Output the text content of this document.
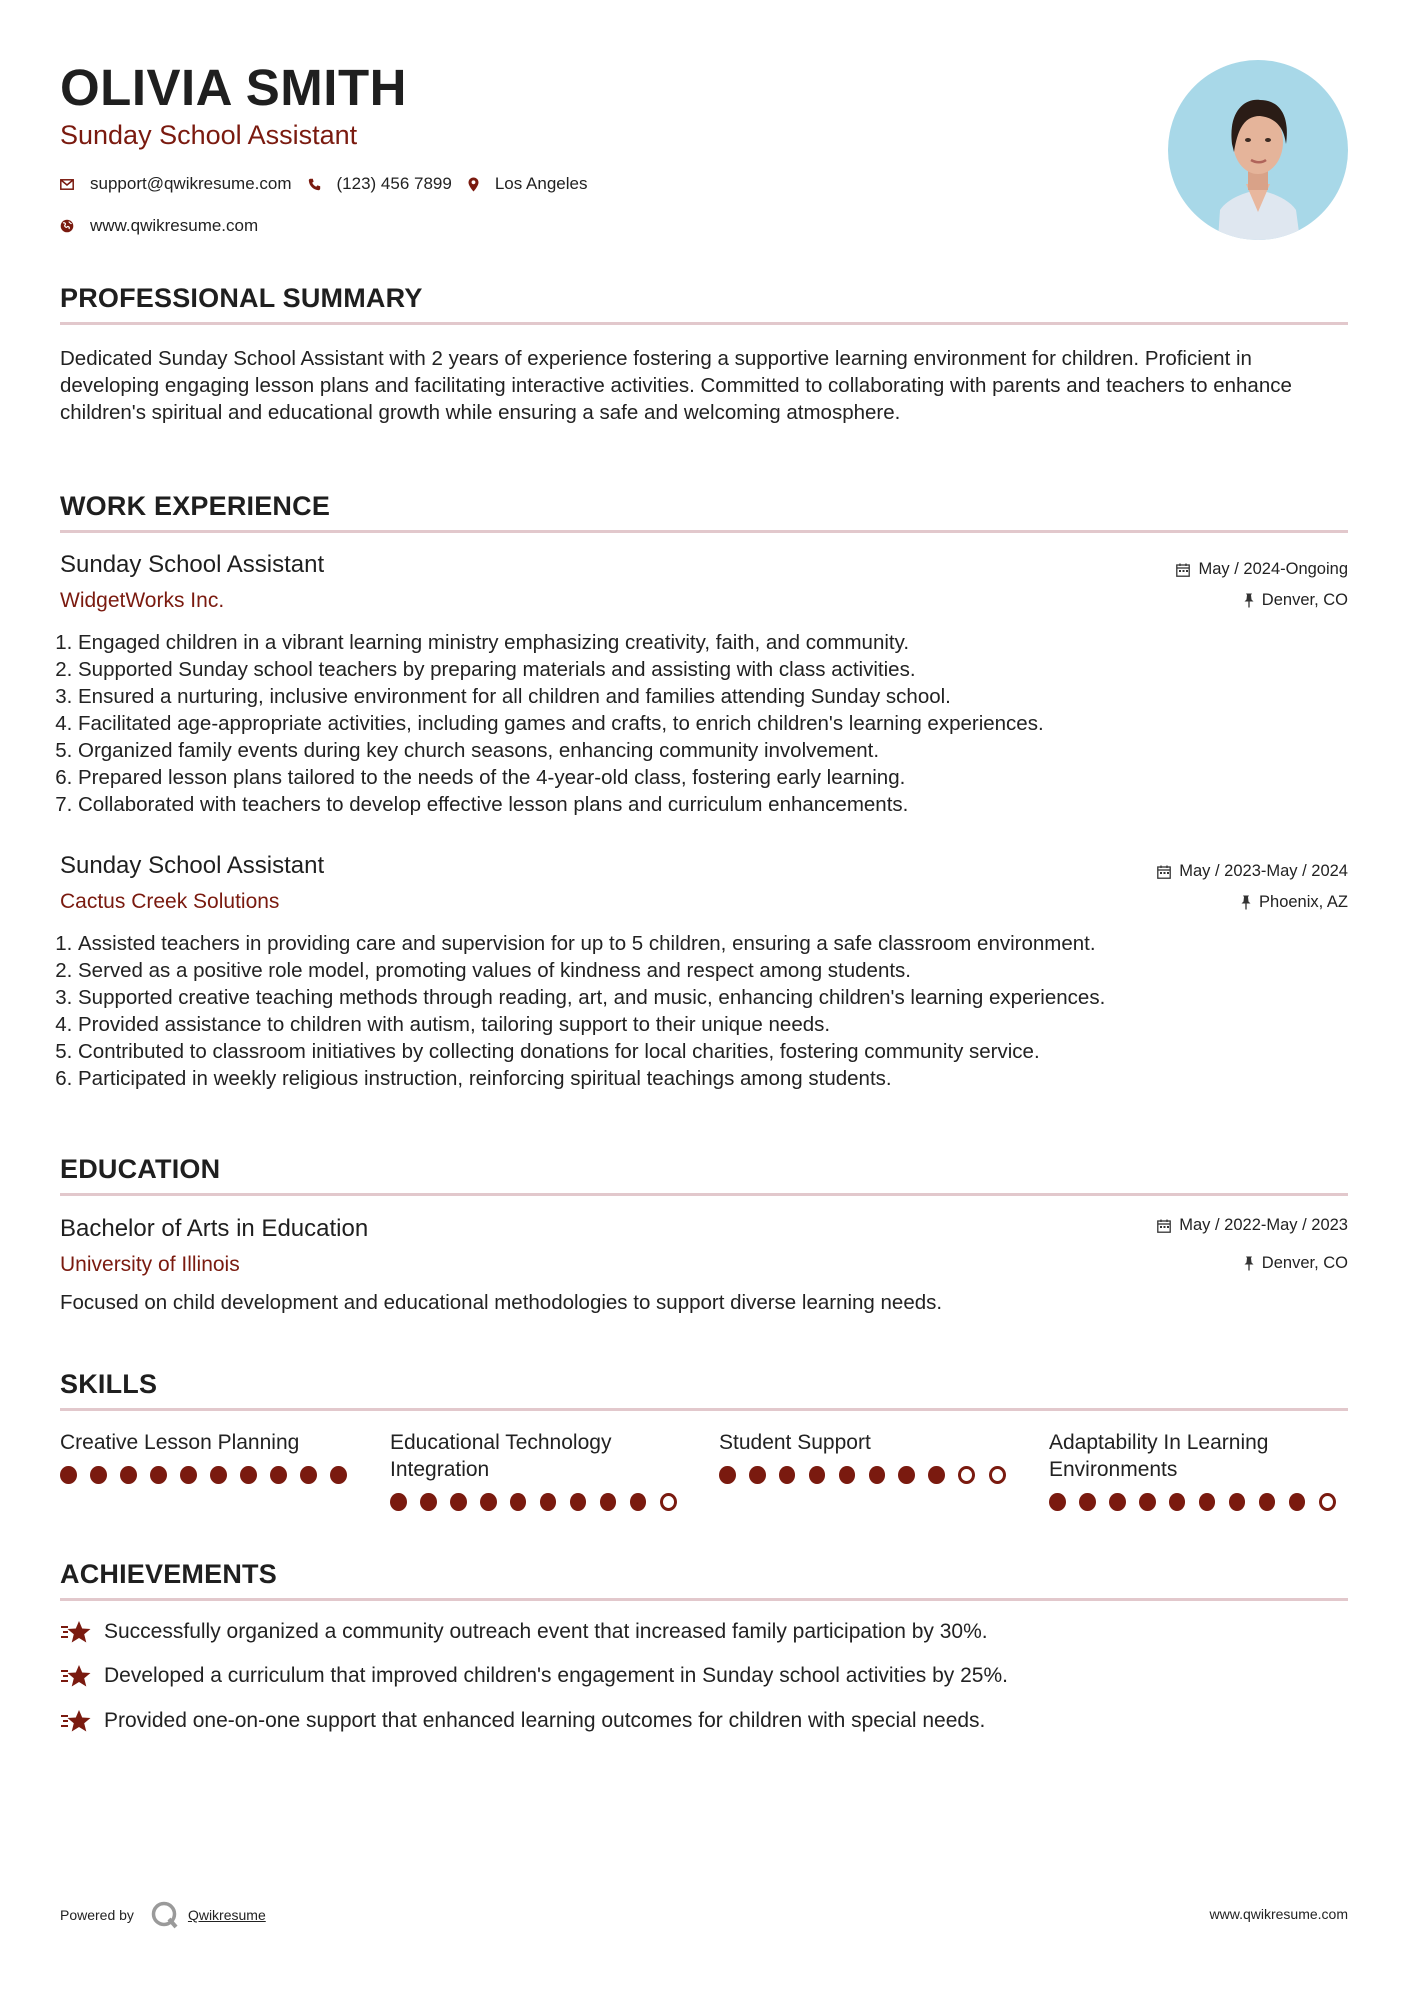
OLIVIA SMITH
Sunday School Assistant
support@qwikresume.com	(123) 456 7899	Los Angeles
www.qwikresume.com
PROFESSIONAL SUMMARY
Dedicated Sunday School Assistant with 2 years of experience fostering a supportive learning environment for children. Proficient in developing engaging lesson plans and facilitating interactive activities. Committed to collaborating with parents and teachers to enhance children's spiritual and educational growth while ensuring a safe and welcoming atmosphere.
WORK EXPERIENCE
Sunday School Assistant
WidgetWorks Inc.
May / 2024-Ongoing
Denver, CO
1. Engaged children in a vibrant learning ministry emphasizing creativity, faith, and community.
2. Supported Sunday school teachers by preparing materials and assisting with class activities.
3. Ensured a nurturing, inclusive environment for all children and families attending Sunday school.
4. Facilitated age-appropriate activities, including games and crafts, to enrich children's learning experiences.
5. Organized family events during key church seasons, enhancing community involvement.
6. Prepared lesson plans tailored to the needs of the 4-year-old class, fostering early learning.
7. Collaborated with teachers to develop effective lesson plans and curriculum enhancements.
Sunday School Assistant
Cactus Creek Solutions
May / 2023-May / 2024
Phoenix, AZ
1. Assisted teachers in providing care and supervision for up to 5 children, ensuring a safe classroom environment.
2. Served as a positive role model, promoting values of kindness and respect among students.
3. Supported creative teaching methods through reading, art, and music, enhancing children's learning experiences.
4. Provided assistance to children with autism, tailoring support to their unique needs.
5. Contributed to classroom initiatives by collecting donations for local charities, fostering community service.
6. Participated in weekly religious instruction, reinforcing spiritual teachings among students.
EDUCATION
Bachelor of Arts in Education
University of Illinois
May / 2022-May / 2023
Denver, CO
Focused on child development and educational methodologies to support diverse learning needs.
SKILLS
Creative Lesson Planning	Educational Technology Integration
Student Support	Adaptability In Learning Environments
ACHIEVEMENTS
Successfully organized a community outreach event that increased family participation by 30%.
Developed a curriculum that improved children's engagement in Sunday school activities by 25%.
Provided one-on-one support that enhanced learning outcomes for children with special needs.
Powered by	Qwikresume	www.qwikresume.com
